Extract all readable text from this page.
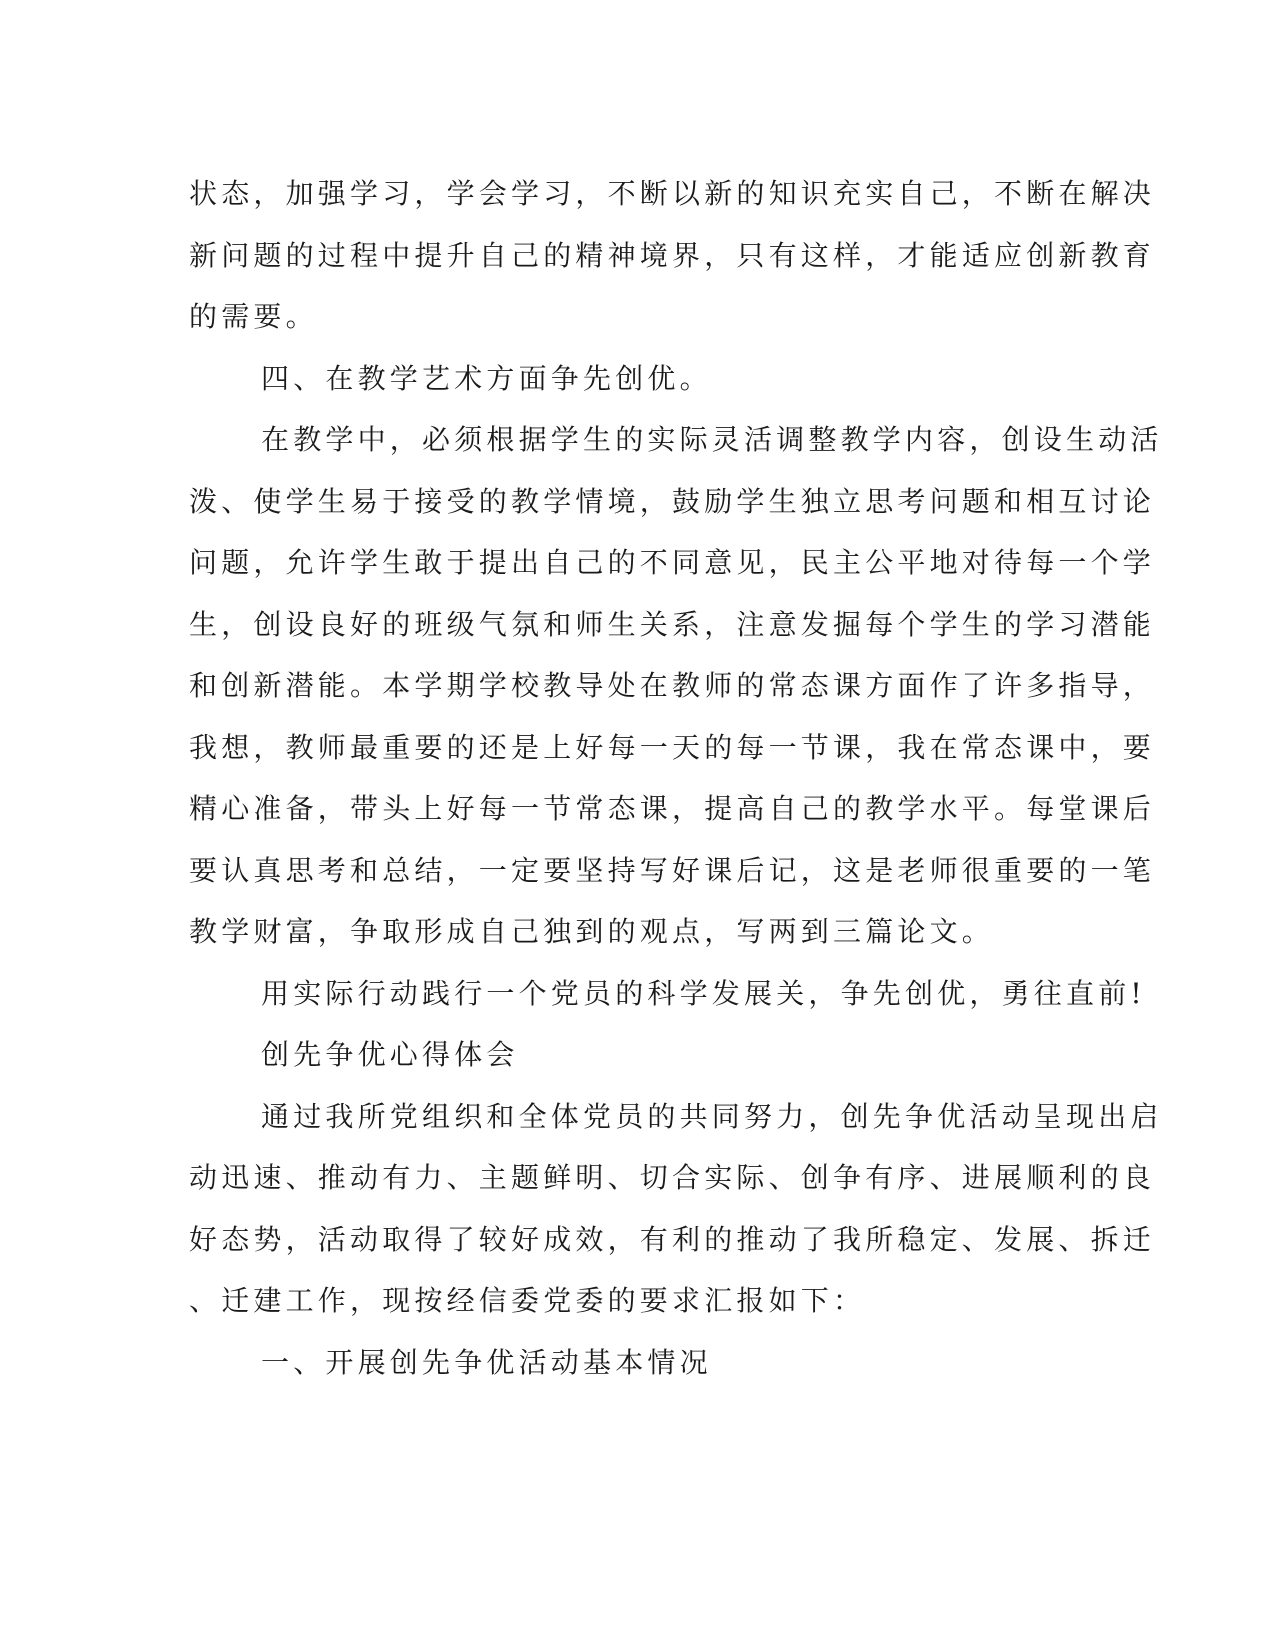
状态，加强学习，学会学习，不断以新的知识充实自己，不断在解决
新问题的过程中提升自己的精神境界，只有这样，才能适应创新教育
的需要。
四、在教学艺术方面争先创优。
在教学中，必须根据学生的实际灵活调整教学内容，创设生动活
泼、使学生易于接受的教学情境，鼓励学生独立思考问题和相互讨论
问题，允许学生敢于提出自己的不同意见，民主公平地对待每一个学
生，创设良好的班级气氛和师生关系，注意发掘每个学生的学习潜能
和创新潜能。本学期学校教导处在教师的常态课方面作了许多指导，
我想，教师最重要的还是上好每一天的每一节课，我在常态课中，要
精心准备，带头上好每一节常态课，提高自己的教学水平。每堂课后
要认真思考和总结，一定要坚持写好课后记，这是老师很重要的一笔
教学财富，争取形成自己独到的观点，写两到三篇论文。
用实际行动践行一个党员的科学发展关，争先创优，勇往直前!
创先争优心得体会
通过我所党组织和全体党员的共同努力，创先争优活动呈现出启
动迅速、推动有力、主题鲜明、切合实际、创争有序、进展顺利的良
好态势，活动取得了较好成效，有利的推动了我所稳定、发展、拆迁
、迁建工作，现按经信委党委的要求汇报如下：
一、开展创先争优活动基本情况
